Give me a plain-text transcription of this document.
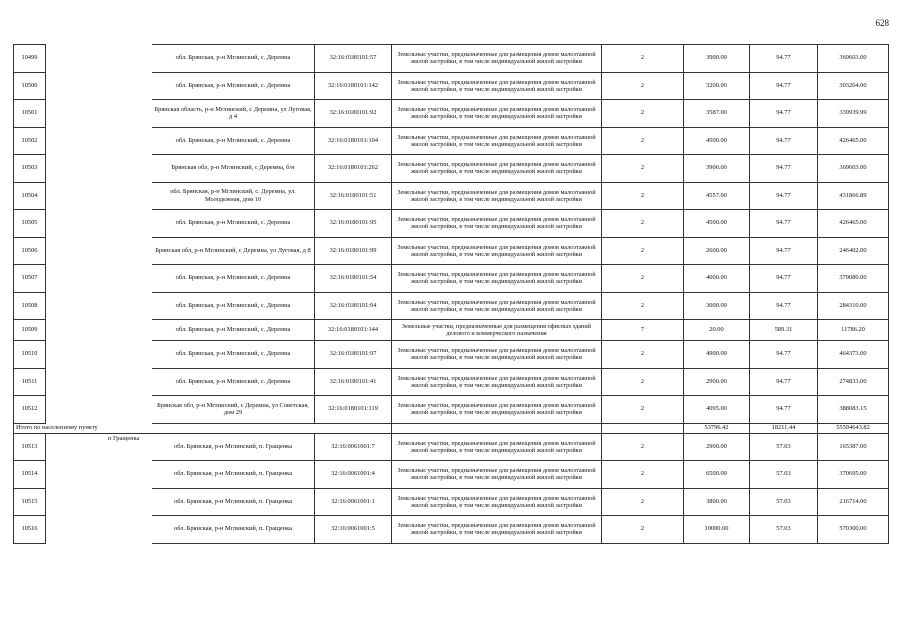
628
10499		обл. Брянская, р-н Мглинский, с. Деремна	32:16:0180101:57	Земельные участки, предназначенные для размещения домов малоэтажной жилой застройки, в том числе индивидуальной жилой застройки	2	3900.00	94.77	369603.00
10500		обл. Брянская, р-н Мглинский, с. Деремна	32:16:0180101:142	Земельные участки, предназначенные для размещения домов малоэтажной жилой застройки, в том числе индивидуальной жилой застройки	2	3200.00	94.77	303264.00
10501		Брянская область, р-н Мглинский, с Деремна, ул Луговая, д 4	32:16:0180101:92	Земельные участки, предназначенные для размещения домов малоэтажной жилой застройки, в том числе индивидуальной жилой застройки	2	3587.00	94.77	339939.99
10502		обл. Брянская, р-н Мглинский, с. Деремна	32:16:0180101:104	Земельные участки, предназначенные для размещения домов малоэтажной жилой застройки, в том числе индивидуальной жилой застройки	2	4500.00	94.77	426465.00
10503		Брянская обл, р-н Мглинский, с Деремна, б/н	32:16:0180101:262	Земельные участки, предназначенные для размещения домов малоэтажной жилой застройки, в том числе индивидуальной жилой застройки	2	3900.00	94.77	369603.00
10504		обл. Брянская, р-н Мглинский, с. Деремна, ул. Молодежная, дом 10	32:16:0180101:51	Земельные участки, предназначенные для размещения домов малоэтажной жилой застройки, в том числе индивидуальной жилой застройки	2	4557.00	94.77	431866.89
10505		обл. Брянская, р-н Мглинский, с. Деремна	32:16:0180101:95	Земельные участки, предназначенные для размещения домов малоэтажной жилой застройки, в том числе индивидуальной жилой застройки	2	4500.00	94.77	426465.00
10506		Брянская обл, р-н Мглинский, с Деремна, ул Луговая, д 8	32:16:0180101:99	Земельные участки, предназначенные для размещения домов малоэтажной жилой застройки, в том числе индивидуальной жилой застройки	2	2600.00	94.77	246402.00
10507		обл. Брянская, р-н Мглинский, с. Деремна	32:16:0180101:54	Земельные участки, предназначенные для размещения домов малоэтажной жилой застройки, в том числе индивидуальной жилой застройки	2	4000.00	94.77	379080.00
10508		обл. Брянская, р-н Мглинский, с. Деремна	32:16:0180101:94	Земельные участки, предназначенные для размещения домов малоэтажной жилой застройки, в том числе индивидуальной жилой застройки	2	3000.00	94.77	284310.00
10509		обл. Брянская, р-н Мглинский, с. Деремна	32:16:0180101:144	Земельные участки, предназначенные для размещения офисных зданий делового и коммерческого назначения	7	20.00	589.31	11786.20
10510		обл. Брянская, р-н Мглинский, с. Деремна	32:16:0180101:97	Земельные участки, предназначенные для размещения домов малоэтажной жилой застройки, в том числе индивидуальной жилой застройки	2	4900.00	94.77	464373.00
10511		обл. Брянская, р-н Мглинский, с. Деремна	32:16:0180101:41	Земельные участки, предназначенные для размещения домов малоэтажной жилой застройки, в том числе индивидуальной жилой застройки	2	2900.00	94.77	274833.00
10512		Брянская обл, р-н Мглинский, с Деремна, ул Советская, дом 29	32:16:0180101:119	Земельные участки, предназначенные для размещения домов малоэтажной жилой застройки, в том числе индивидуальной жилой застройки	2	4095.00	94.77	388083.15
Итого по населенному пункту						53796.42	18211.44	55594643.82
10513	п Гращенка	обл. Брянская, р-н Мглинский, п. Гращенка	32:16:0061001:7	Земельные участки, предназначенные для размещения домов малоэтажной жилой застройки, в том числе индивидуальной жилой застройки	2	2900.00	57.03	165387.00
10514		обл. Брянская, р-н Мглинский, п. Гращенка	32:16:0061001:4	Земельные участки, предназначенные для размещения домов малоэтажной жилой застройки, в том числе индивидуальной жилой застройки	2	6500.00	57.03	370695.00
10515		обл. Брянская, р-н Мглинский, п. Гращенка	32:16:0061001:1	Земельные участки, предназначенные для размещения домов малоэтажной жилой застройки, в том числе индивидуальной жилой застройки	2	3800.00	57.03	216714.00
10516		обл. Брянская, р-н Мглинский, п. Гращенка	32:16:0061001:5	Земельные участки, предназначенные для размещения домов малоэтажной жилой застройки, в том числе индивидуальной жилой застройки	2	10000.00	57.03	570300.00
